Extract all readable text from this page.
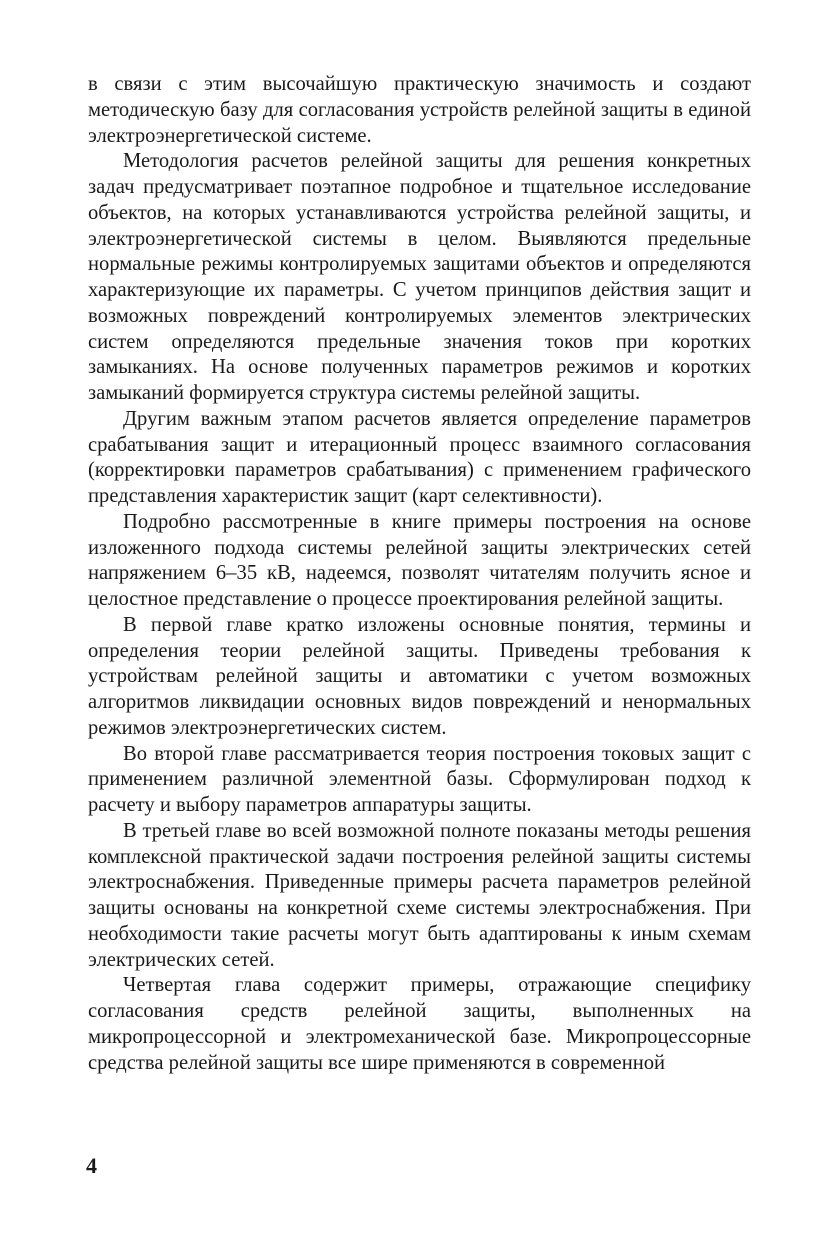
в связи с этим высочайшую практическую значимость и создают методическую базу для согласования устройств релейной защиты в единой электроэнергетической системе.

Методология расчетов релейной защиты для решения конкретных задач предусматривает поэтапное подробное и тщательное исследование объектов, на которых устанавливаются устройства релейной защиты, и электроэнергетической системы в целом. Выявляются предельные нормальные режимы контролируемых защитами объектов и определяются характеризующие их параметры. С учетом принципов действия защит и возможных повреждений контролируемых элементов электрических систем определяются предельные значения токов при коротких замыканиях. На основе полученных параметров режимов и коротких замыканий формируется структура системы релейной защиты.

Другим важным этапом расчетов является определение параметров срабатывания защит и итерационный процесс взаимного согласования (корректировки параметров срабатывания) с применением графического представления характеристик защит (карт селективности).

Подробно рассмотренные в книге примеры построения на основе изложенного подхода системы релейной защиты электрических сетей напряжением 6–35 кВ, надеемся, позволят читателям получить ясное и целостное представление о процессе проектирования релейной защиты.

В первой главе кратко изложены основные понятия, термины и определения теории релейной защиты. Приведены требования к устройствам релейной защиты и автоматики с учетом возможных алгоритмов ликвидации основных видов повреждений и ненормальных режимов электроэнергетических систем.

Во второй главе рассматривается теория построения токовых защит с применением различной элементной базы. Сформулирован подход к расчету и выбору параметров аппаратуры защиты.

В третьей главе во всей возможной полноте показаны методы решения комплексной практической задачи построения релейной защиты системы электроснабжения. Приведенные примеры расчета параметров релейной защиты основаны на конкретной схеме системы электроснабжения. При необходимости такие расчеты могут быть адаптированы к иным схемам электрических сетей.

Четвертая глава содержит примеры, отражающие специфику согласования средств релейной защиты, выполненных на микропроцессорной и электромеханической базе. Микропроцессорные средства релейной защиты все шире применяются в современной

4
